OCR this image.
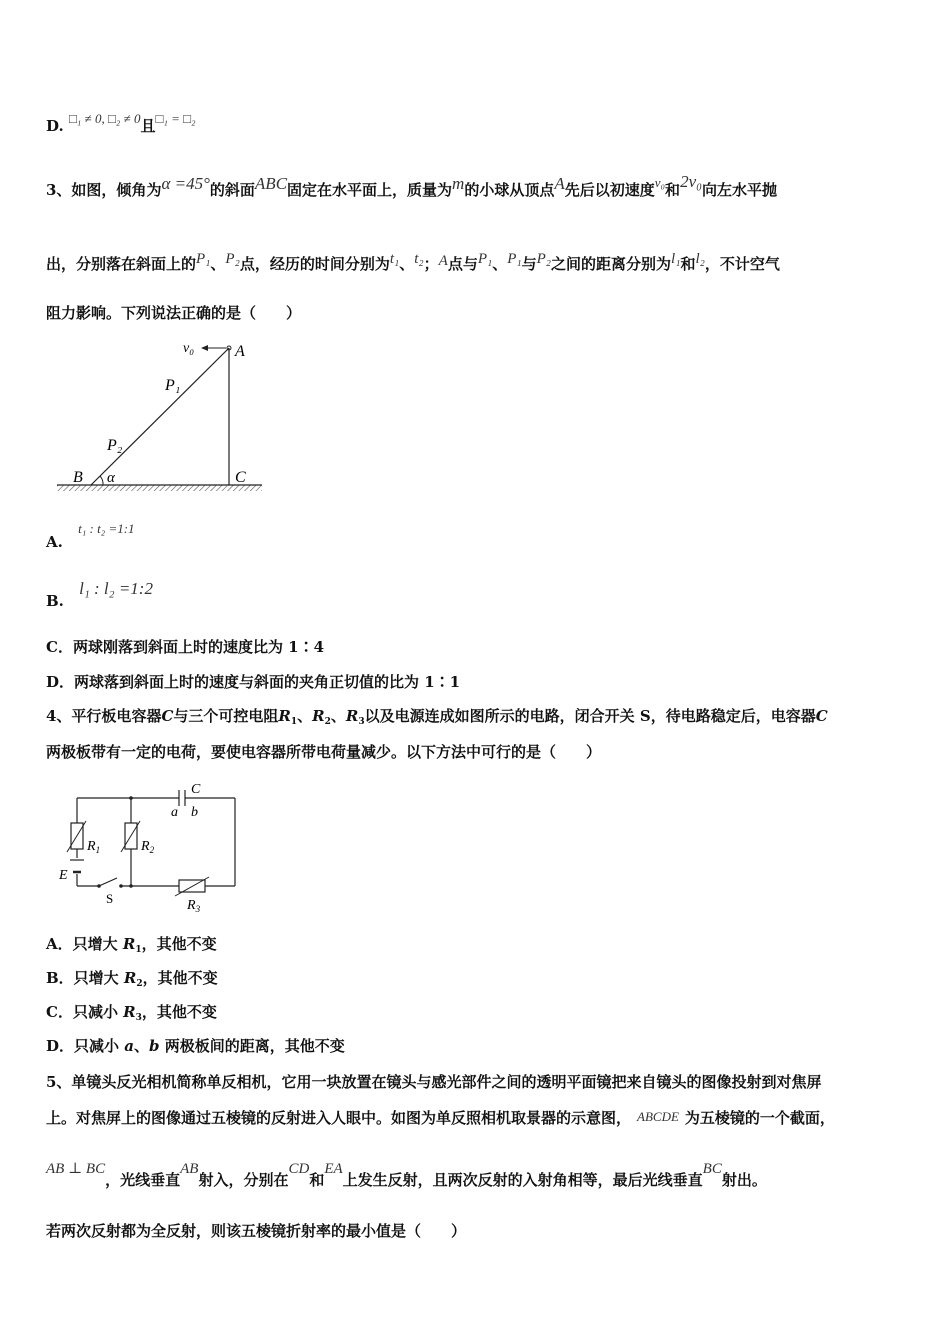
D. □₁ ≠ 0, □₂ ≠ 0且□₁ = □₂
3、如图，倾角为α =45°的斜面ABC固定在水平面上，质量为m的小球从顶点A先后以初速度v₀和2v₀向左水平抛
出，分别落在斜面上的P₁、P₂点，经历的时间分别为t₁、t₂；A点与P₁、P₁与P₂之间的距离分别为l₁和l₂，不计空气
阻力影响。下列说法正确的是（　　）
v₀	A
P₁
P₂
B α	C
A. t₁ : t₂ =1:1
B. l₁ : l₂ =1:2
C．两球刚落到斜面上时的速度比为 1∶4
D．两球落到斜面上时的速度与斜面的夹角正切值的比为 1∶1
4、平行板电容器C与三个可控电阻$R_1$、$R_2$、$R_3$以及电源连成如图所示的电路，闭合开关 S，待电路稳定后，电容器C
两极板带有一定的电荷，要使电容器所带电荷量减少。以下方法中可行的是（　　）
C
a b
$R_1$	$R_2$
E
S	$R_3$
A．只增大 $R_1$，其他不变
B．只增大 $R_2$，其他不变
C．只减小 $R_3$，其他不变
D．只减小 a、b 两极板间的距离，其他不变
5、单镜头反光相机简称单反相机，它用一块放置在镜头与感光部件之间的透明平面镜把来自镜头的图像投射到对焦屏
上。对焦屏上的图像通过五棱镜的反射进入人眼中。如图为单反照相机取景器的示意图， ABCDE 为五棱镜的一个截面，
AB ⊥ BC，光线垂直AB射入，分别在CD和EA上发生反射，且两次反射的入射角相等，最后光线垂直BC射出。
若两次反射都为全反射，则该五棱镜折射率的最小值是（　　）
